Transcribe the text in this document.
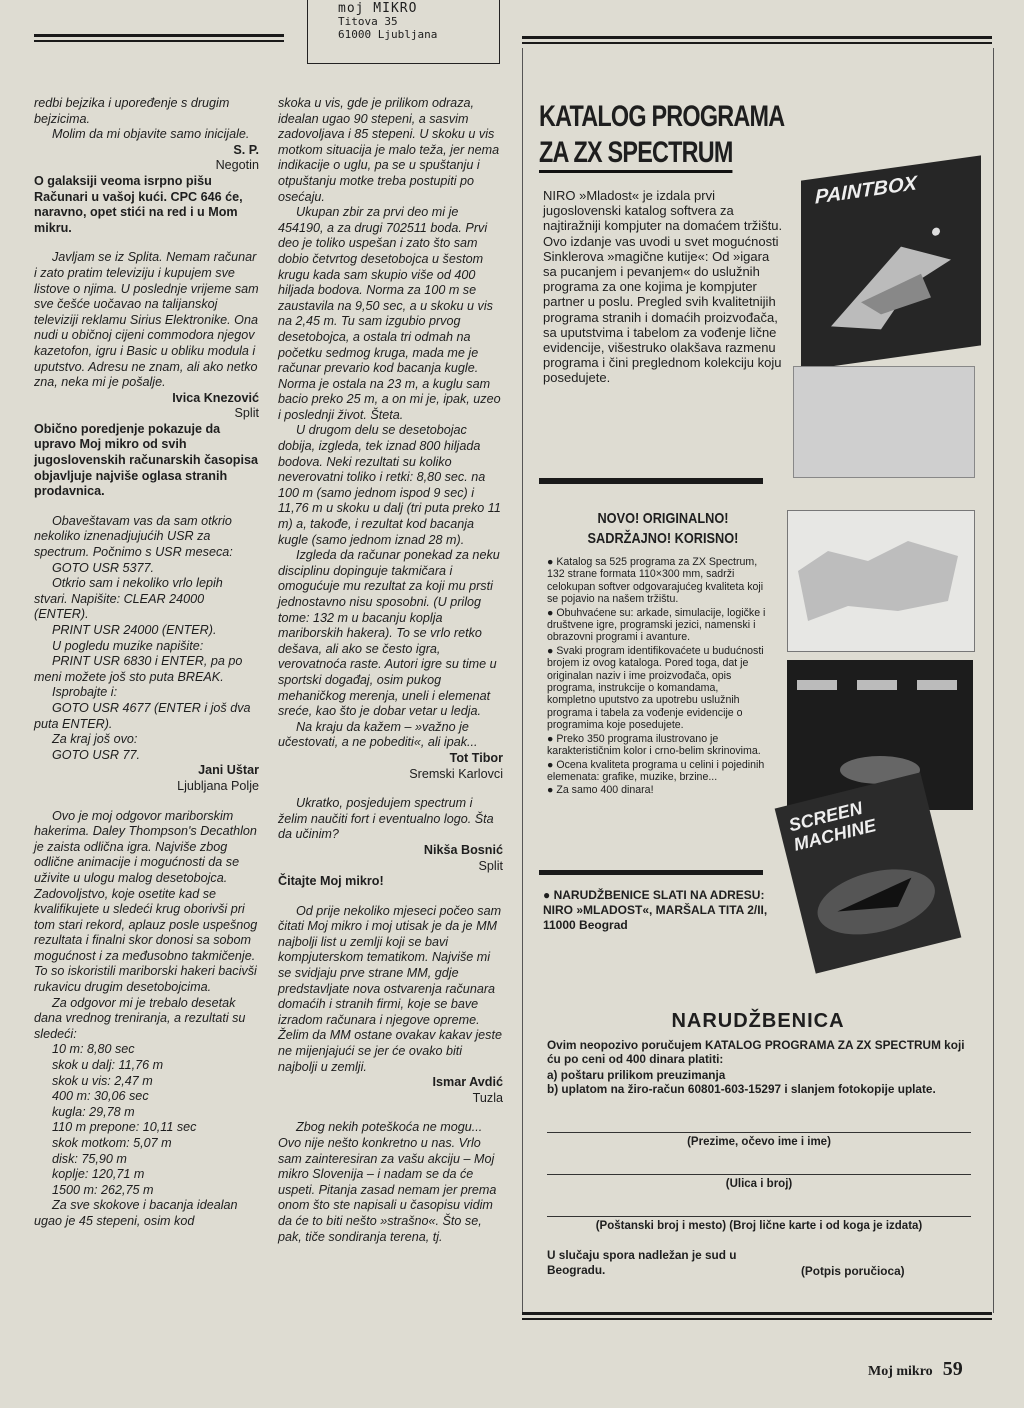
moj MIKRO
Titova 35
61000 Ljubljana

redbi bejzika i upoređenje s drugim bejzicima.

Molim da mi objavite samo inicijale.

S. P.

Negotin

O galaksiji veoma isrpno pišu Računari u vašoj kući. CPC 646 će, naravno, opet stići na red i u Mom mikru.

Javljam se iz Splita. Nemam računar i zato pratim televiziju i kupujem sve listove o njima. U poslednje vrijeme sam sve češće uočavao na talijanskoj televiziji reklamu Sirius Elektronike. Ona nudi u običnoj cijeni commodora njegov kazetofon, igru i Basic u obliku modula i uputstvo. Adresu ne znam, ali ako netko zna, neka mi je pošalje.

Ivica Knezović

Split

Obično poredjenje pokazuje da upravo Moj mikro od svih jugoslovenskih računarskih časopisa objavljuje najviše oglasa stranih prodavnica.

Obaveštavam vas da sam otkrio nekoliko iznenadjujućih USR za spectrum. Počnimo s USR meseca:

GOTO USR 5377.

Otkrio sam i nekoliko vrlo lepih stvari. Napišite: CLEAR 24000 (ENTER).

PRINT USR 24000 (ENTER).

U pogledu muzike napišite:

PRINT USR 6830 i ENTER, pa po meni možete još sto puta BREAK.

Isprobajte i:

GOTO USR 4677 (ENTER i još dva puta ENTER).

Za kraj još ovo:

GOTO USR 77.

Jani Uštar

Ljubljana Polje

Ovo je moj odgovor mariborskim hakerima. Daley Thompson's Decathlon je zaista odlična igra. Najviše zbog odlične animacije i mogućnosti da se uživite u ulogu malog desetobojca. Zadovoljstvo, koje osetite kad se kvalifikujete u sledeći krug oborivši pri tom stari rekord, aplauz posle uspešnog rezultata i finalni skor donosi sa sobom mogućnost i za međusobno takmičenje. To so iskoristili mariborski hakeri bacivši rukavicu drugim desetobojcima.

Za odgovor mi je trebalo desetak dana vrednog treniranja, a rezultati su sledeći:

10 m: 8,80 sec

skok u dalj: 11,76 m

skok u vis: 2,47 m

400 m: 30,06 sec

kugla: 29,78 m

110 m prepone: 10,11 sec

skok motkom: 5,07 m

disk: 75,90 m

koplje: 120,71 m

1500 m: 262,75 m

Za sve skokove i bacanja idealan ugao je 45 stepeni, osim kod

skoka u vis, gde je prilikom odraza, idealan ugao 90 stepeni, a sasvim zadovoljava i 85 stepeni. U skoku u vis motkom situacija je malo teža, jer nema indikacije o uglu, pa se u spuštanju i otpuštanju motke treba postupiti po osećaju.

Ukupan zbir za prvi deo mi je 454190, a za drugi 702511 boda. Prvi deo je toliko uspešan i zato što sam dobio četvrtog desetobojca u šestom krugu kada sam skupio više od 400 hiljada bodova. Norma za 100 m se zaustavila na 9,50 sec, a u skoku u vis na 2,45 m. Tu sam izgubio prvog desetobojca, a ostala tri odmah na početku sedmog kruga, mada me je računar prevario kod bacanja kugle. Norma je ostala na 23 m, a kuglu sam bacio preko 25 m, a on mi je, ipak, uzeo i poslednji život. Šteta.

U drugom delu se desetobojac dobija, izgleda, tek iznad 800 hiljada bodova. Neki rezultati su koliko neverovatni toliko i retki: 8,80 sec. na 100 m (samo jednom ispod 9 sec) i 11,76 m u skoku u dalj (tri puta preko 11 m) a, takođe, i rezultat kod bacanja kugle (samo jednom iznad 28 m).

Izgleda da računar ponekad za neku disciplinu dopinguje takmičara i omogućuje mu rezultat za koji mu prsti jednostavno nisu sposobni. (U prilog tome: 132 m u bacanju koplja mariborskih hakera). To se vrlo retko dešava, ali ako se često igra, verovatnoća raste. Autori igre su time u sportski događaj, osim pukog mehaničkog merenja, uneli i elemenat sreće, kao što je dobar vetar u ledja.

Na kraju da kažem – »važno je učestovati, a ne pobediti«, ali ipak...

Tot Tibor

Sremski Karlovci

Ukratko, posjedujem spectrum i želim naučiti fort i eventualno logo. Šta da učinim?

Nikša Bosnić

Split

Čitajte Moj mikro!

Od prije nekoliko mjeseci počeo sam čitati Moj mikro i moj utisak je da je MM najbolji list u zemlji koji se bavi kompjuterskom tematikom. Najviše mi se svidjaju prve strane MM, gdje predstavljate nova ostvarenja računara domaćih i stranih firmi, koje se bave izradom računara i njegove opreme. Želim da MM ostane ovakav kakav jeste ne mijenjajući se jer će ovako biti najbolji u zemlji.

Ismar Avdić

Tuzla

Zbog nekih poteškoća ne mogu... Ovo nije nešto konkretno u nas. Vrlo sam zainteresiran za vašu akciju – Moj mikro Slovenija – i nadam se da će uspeti. Pitanja zasad nemam jer prema onom što ste napisali u časopisu vidim da će to biti nešto »strašno«. Što se, pak, tiče sondiranja terena, tj.

KATALOG PROGRAMA
ZA ZX SPECTRUM
NIRO »Mladost« je izdala prvi jugoslovenski katalog softvera za najtiražniji kompjuter na domaćem tržištu. Ovo izdanje vas uvodi u svet mogućnosti Sinklerova »magične kutije«: Od »igara sa pucanjem i pevanjem« do uslužnih programa za one kojima je kompjuter partner u poslu. Pregled svih kvalitetnijih programa stranih i domaćih proizvođača, sa uputstvima i tabelom za vođenje lične evidencije, višestruko olakšava razmenu programa i čini preglednom kolekciju koju posedujete.
PAINTBOX
NOVO! ORIGINALNO!
SADRŽAJNO! KORISNO!
● Katalog sa 525 programa za ZX Spectrum, 132 strane formata 110×300 mm, sadrži celokupan softver odgovarajućeg kvaliteta koji se pojavio na našem tržištu.
● Obuhvaćene su: arkade, simulacije, logičke i društvene igre, programski jezici, namenski i obrazovni programi i avanture.
● Svaki program identifikovaćete u budućnosti brojem iz ovog kataloga. Pored toga, dat je originalan naziv i ime proizvođača, opis programa, instrukcije o komandama, kompletno uputstvo za upotrebu uslužnih programa i tabela za vođenje evidencije o programima koje posedujete.
● Preko 350 programa ilustrovano je karakterističnim kolor i crno-belim skrinovima.
● Ocena kvaliteta programa u celini i pojedinih elemenata: grafike, muzike, brzine...
● Za samo 400 dinara!
SCREEN MACHINE
● NARUDŽBENICE SLATI NA ADRESU: NIRO »MLADOST«, MARŠALA TITA 2/II, 11000 Beograd
NARUDŽBENICA
Ovim neopozivo poručujem KATALOG PROGRAMA ZA ZX SPECTRUM koji ću po ceni od 400 dinara platiti:
a) poštaru prilikom preuzimanja
b) uplatom na žiro-račun 60801-603-15297 i slanjem fotokopije uplate.
(Prezime, očevo ime i ime)
(Ulica i broj)
(Poštanski broj i mesto) (Broj lične karte i od koga je izdata)
U slučaju spora nadležan je sud u Beogradu.	(Potpis poručioca)
Moj mikro 59
